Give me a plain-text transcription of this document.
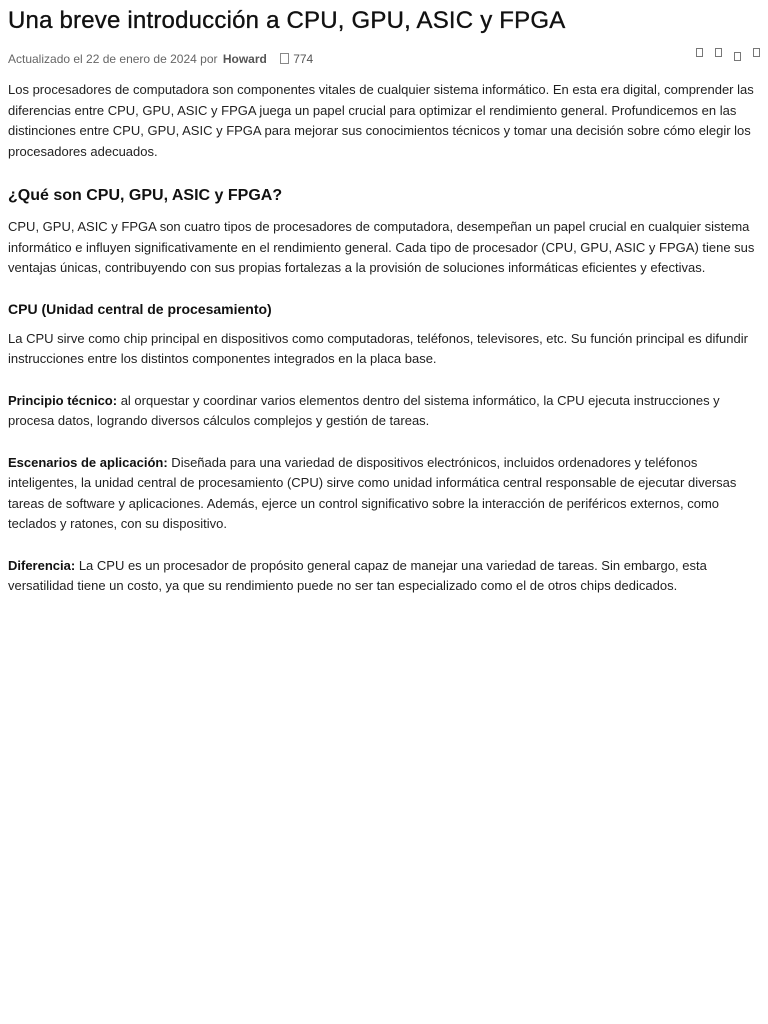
Una breve introducción a CPU, GPU, ASIC y FPGA
Actualizado el 22 de enero de 2024 por Howard 774

Los procesadores de computadora son componentes vitales de cualquier sistema informático. En esta era digital, comprender las diferencias entre CPU, GPU, ASIC y FPGA juega un papel crucial para optimizar el rendimiento general. Profundicemos en las distinciones entre CPU, GPU, ASIC y FPGA para mejorar sus conocimientos técnicos y tomar una decisión sobre cómo elegir los procesadores adecuados.

¿Qué son CPU, GPU, ASIC y FPGA?

CPU, GPU, ASIC y FPGA son cuatro tipos de procesadores de computadora, desempeñan un papel crucial en cualquier sistema informático e influyen significativamente en el rendimiento general. Cada tipo de procesador (CPU, GPU, ASIC y FPGA) tiene sus ventajas únicas, contribuyendo con sus propias fortalezas a la provisión de soluciones informáticas eficientes y efectivas.

CPU (Unidad central de procesamiento)

La CPU sirve como chip principal en dispositivos como computadoras, teléfonos, televisores, etc. Su función principal es difundir instrucciones entre los distintos componentes integrados en la placa base.

Principio técnico: al orquestar y coordinar varios elementos dentro del sistema informático, la CPU ejecuta instrucciones y procesa datos, logrando diversos cálculos complejos y gestión de tareas.

Escenarios de aplicación: Diseñada para una variedad de dispositivos electrónicos, incluidos ordenadores y teléfonos inteligentes, la unidad central de procesamiento (CPU) sirve como unidad informática central responsable de ejecutar diversas tareas de software y aplicaciones. Además, ejerce un control significativo sobre la interacción de periféricos externos, como teclados y ratones, con su dispositivo.

Diferencia: La CPU es un procesador de propósito general capaz de manejar una variedad de tareas. Sin embargo, esta versatilidad tiene un costo, ya que su rendimiento puede no ser tan especializado como el de otros chips dedicados.
